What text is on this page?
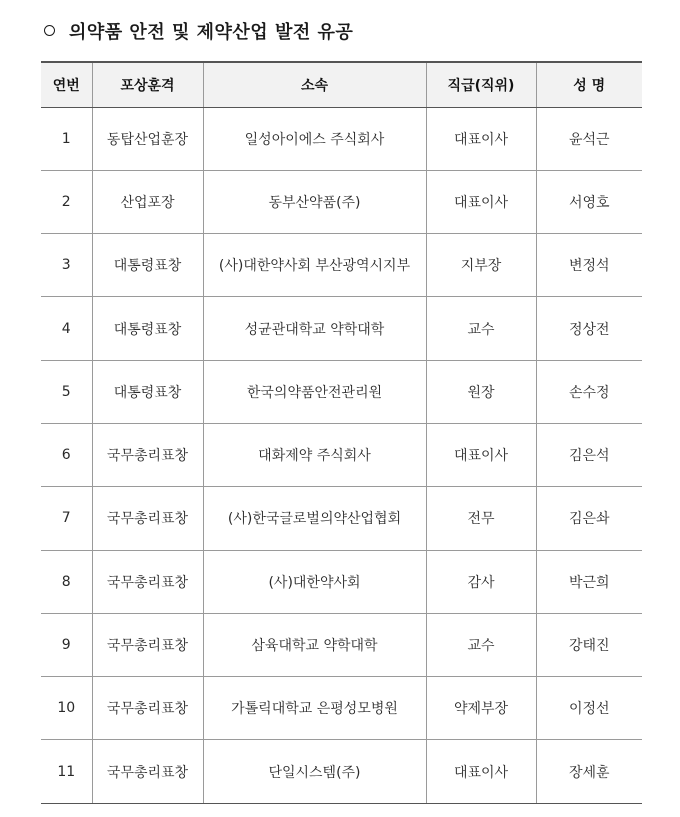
의약품 안전 및 제약산업 발전 유공
연번	포상훈격	소속	직급(직위)	성 명
1	동탑산업훈장	일성아이에스 주식회사	대표이사	윤석근
2	산업포장	동부산약품(주)	대표이사	서영호
3	대통령표창	(사)대한약사회 부산광역시지부	지부장	변정석
4	대통령표창	성균관대학교 약학대학	교수	정상전
5	대통령표창	한국의약품안전관리원	원장	손수정
6	국무총리표창	대화제약 주식회사	대표이사	김은석
7	국무총리표창	(사)한국글로벌의약산업협회	전무	김은솨
8	국무총리표창	(사)대한약사회	감사	박근희
9	국무총리표창	삼육대학교 약학대학	교수	강태진
10	국무총리표창	가톨릭대학교 은평성모병원	약제부장	이정선
11	국무총리표창	단일시스템(주)	대표이사	장세훈
